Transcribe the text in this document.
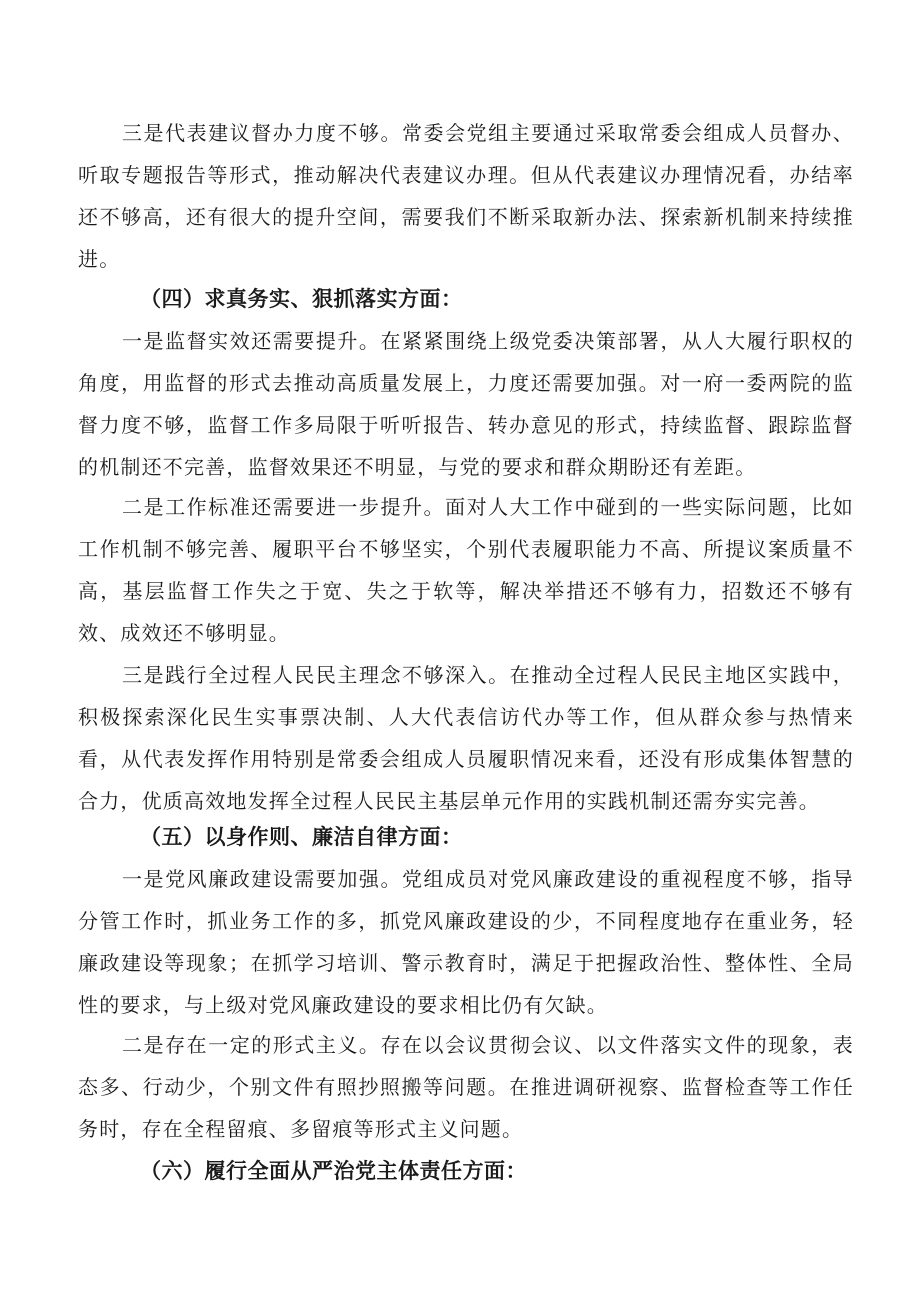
三是代表建议督办力度不够。常委会党组主要通过采取常委会组成人员督办、听取专题报告等形式，推动解决代表建议办理。但从代表建议办理情况看，办结率还不够高，还有很大的提升空间，需要我们不断采取新办法、探索新机制来持续推进。

（四）求真务实、狠抓落实方面：

一是监督实效还需要提升。在紧紧围绕上级党委决策部署，从人大履行职权的角度，用监督的形式去推动高质量发展上，力度还需要加强。对一府一委两院的监督力度不够，监督工作多局限于听听报告、转办意见的形式，持续监督、跟踪监督的机制还不完善，监督效果还不明显，与党的要求和群众期盼还有差距。

二是工作标准还需要进一步提升。面对人大工作中碰到的一些实际问题，比如工作机制不够完善、履职平台不够坚实，个别代表履职能力不高、所提议案质量不高，基层监督工作失之于宽、失之于软等，解决举措还不够有力，招数还不够有效、成效还不够明显。

三是践行全过程人民民主理念不够深入。在推动全过程人民民主地区实践中，积极探索深化民生实事票决制、人大代表信访代办等工作，但从群众参与热情来看，从代表发挥作用特别是常委会组成人员履职情况来看，还没有形成集体智慧的合力，优质高效地发挥全过程人民民主基层单元作用的实践机制还需夯实完善。

（五）以身作则、廉洁自律方面：

一是党风廉政建设需要加强。党组成员对党风廉政建设的重视程度不够，指导分管工作时，抓业务工作的多，抓党风廉政建设的少，不同程度地存在重业务，轻廉政建设等现象；在抓学习培训、警示教育时，满足于把握政治性、整体性、全局性的要求，与上级对党风廉政建设的要求相比仍有欠缺。

二是存在一定的形式主义。存在以会议贯彻会议、以文件落实文件的现象，表态多、行动少，个别文件有照抄照搬等问题。在推进调研视察、监督检查等工作任务时，存在全程留痕、多留痕等形式主义问题。

（六）履行全面从严治党主体责任方面：
